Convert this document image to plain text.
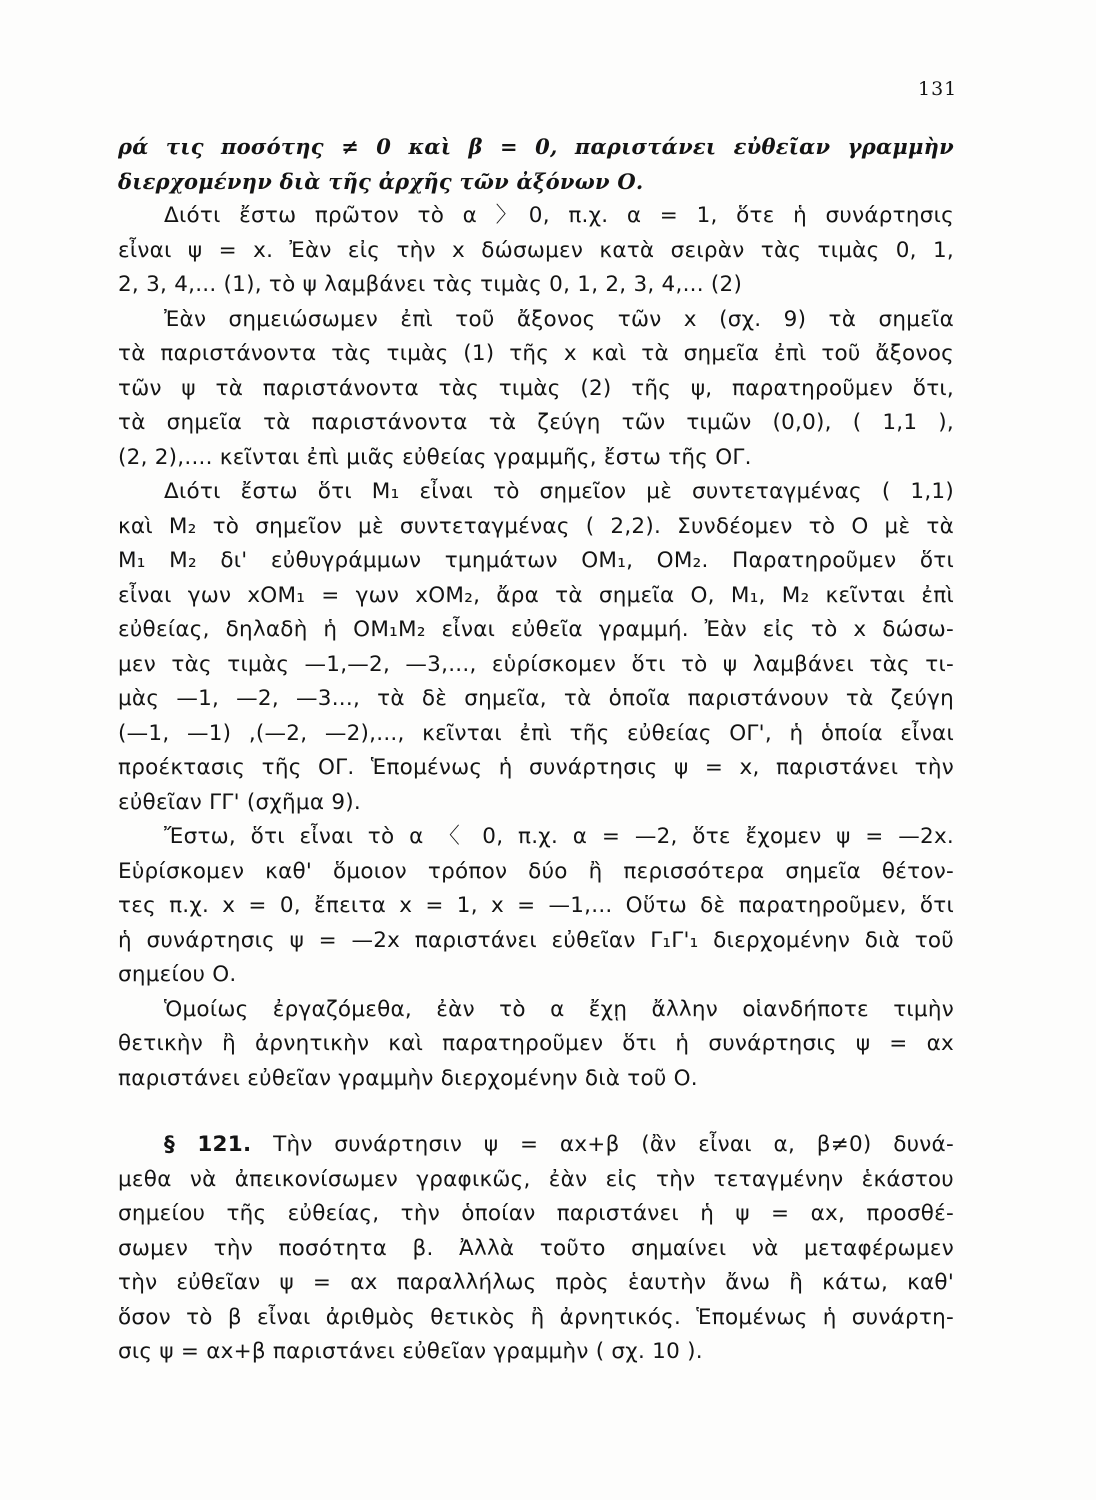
131
ρά τις ποσότης ≠ 0 καὶ β = 0, παριστάνει εὐθεῖαν γραμμὴν
διερχομένην διὰ τῆς ἀρχῆς τῶν ἀξόνων Ο.
Διότι ἔστω πρῶτον τὸ α 〉0, π.χ. α = 1, ὅτε ἡ συνάρτησις
εἶναι ψ = x. Ἐὰν εἰς τὴν x δώσωμεν κατὰ σειρὰν τὰς τιμὰς 0, 1,
2, 3, 4,... (1), τὸ ψ λαμβάνει τὰς τιμὰς 0, 1, 2, 3, 4,... (2)
Ἐὰν σημειώσωμεν ἐπὶ τοῦ ἄξονος τῶν x (σχ. 9) τὰ σημεῖα
τὰ παριστάνοντα τὰς τιμὰς (1) τῆς x καὶ τὰ σημεῖα ἐπὶ τοῦ ἄξονος
τῶν ψ τὰ παριστάνοντα τὰς τιμὰς (2) τῆς ψ, παρατηροῦμεν ὅτι,
τὰ σημεῖα τὰ παριστάνοντα τὰ ζεύγη τῶν τιμῶν (0,0), ( 1,1 ),
(2, 2),.... κεῖνται ἐπὶ μιᾶς εὐθείας γραμμῆς, ἔστω τῆς ΟΓ.
Διότι ἔστω ὅτι Μ₁ εἶναι τὸ σημεῖον μὲ συντεταγμένας ( 1,1)
καὶ Μ₂ τὸ σημεῖον μὲ συντεταγμένας ( 2,2). Συνδέομεν τὸ Ο μὲ τὰ
Μ₁ Μ₂ δι' εὐθυγράμμων τμημάτων ΟΜ₁, ΟΜ₂. Παρατηροῦμεν ὅτι
εἶναι γων xΟΜ₁ = γων xΟΜ₂, ἄρα τὰ σημεῖα Ο, Μ₁, Μ₂ κεῖνται ἐπὶ
εὐθείας, δηλαδὴ ἡ ΟΜ₁Μ₂ εἶναι εὐθεῖα γραμμή. Ἐὰν εἰς τὸ x δώσω-
μεν τὰς τιμὰς —1,—2, —3,..., εὑρίσκομεν ὅτι τὸ ψ λαμβάνει τὰς τι-
μὰς —1, —2, —3..., τὰ δὲ σημεῖα, τὰ ὁποῖα παριστάνουν τὰ ζεύγη
(—1, —1) ,(—2, —2),..., κεῖνται ἐπὶ τῆς εὐθείας ΟΓ', ἡ ὁποία εἶναι
προέκτασις τῆς ΟΓ. Ἑπομένως ἡ συνάρτησις ψ = x, παριστάνει τὴν
εὐθεῖαν ΓΓ' (σχῆμα 9).
Ἔστω, ὅτι εἶναι τὸ α 〈 0, π.χ. α = —2, ὅτε ἔχομεν ψ = —2x.
Εὑρίσκομεν καθ' ὅμοιον τρόπον δύο ἢ περισσότερα σημεῖα θέτον-
τες π.χ. x = 0, ἔπειτα x = 1, x = —1,... Οὕτω δὲ παρατηροῦμεν, ὅτι
ἡ συνάρτησις ψ = —2x παριστάνει εὐθεῖαν Γ₁Γ'₁ διερχομένην διὰ τοῦ
σημείου Ο.
Ὁμοίως ἐργαζόμεθα, ἐὰν τὸ α ἔχῃ ἄλλην οἱανδήποτε τιμὴν
θετικὴν ἢ ἀρνητικὴν καὶ παρατηροῦμεν ὅτι ἡ συνάρτησις ψ = αx
παριστάνει εὐθεῖαν γραμμὴν διερχομένην διὰ τοῦ Ο.
§ 121. Τὴν συνάρτησιν ψ = αx+β (ἂν εἶναι α, β≠0) δυνά-
μεθα νὰ ἀπεικονίσωμεν γραφικῶς, ἐὰν εἰς τὴν τεταγμένην ἑκάστου
σημείου τῆς εὐθείας, τὴν ὁποίαν παριστάνει ἡ ψ = αx, προσθέ-
σωμεν τὴν ποσότητα β. Ἀλλὰ τοῦτο σημαίνει νὰ μεταφέρωμεν
τὴν εὐθεῖαν ψ = αx παραλλήλως πρὸς ἑαυτὴν ἄνω ἢ κάτω, καθ'
ὅσον τὸ β εἶναι ἀριθμὸς θετικὸς ἢ ἀρνητικός. Ἑπομένως ἡ συνάρτη-
σις ψ = αx+β παριστάνει εὐθεῖαν γραμμὴν ( σχ. 10 ).
